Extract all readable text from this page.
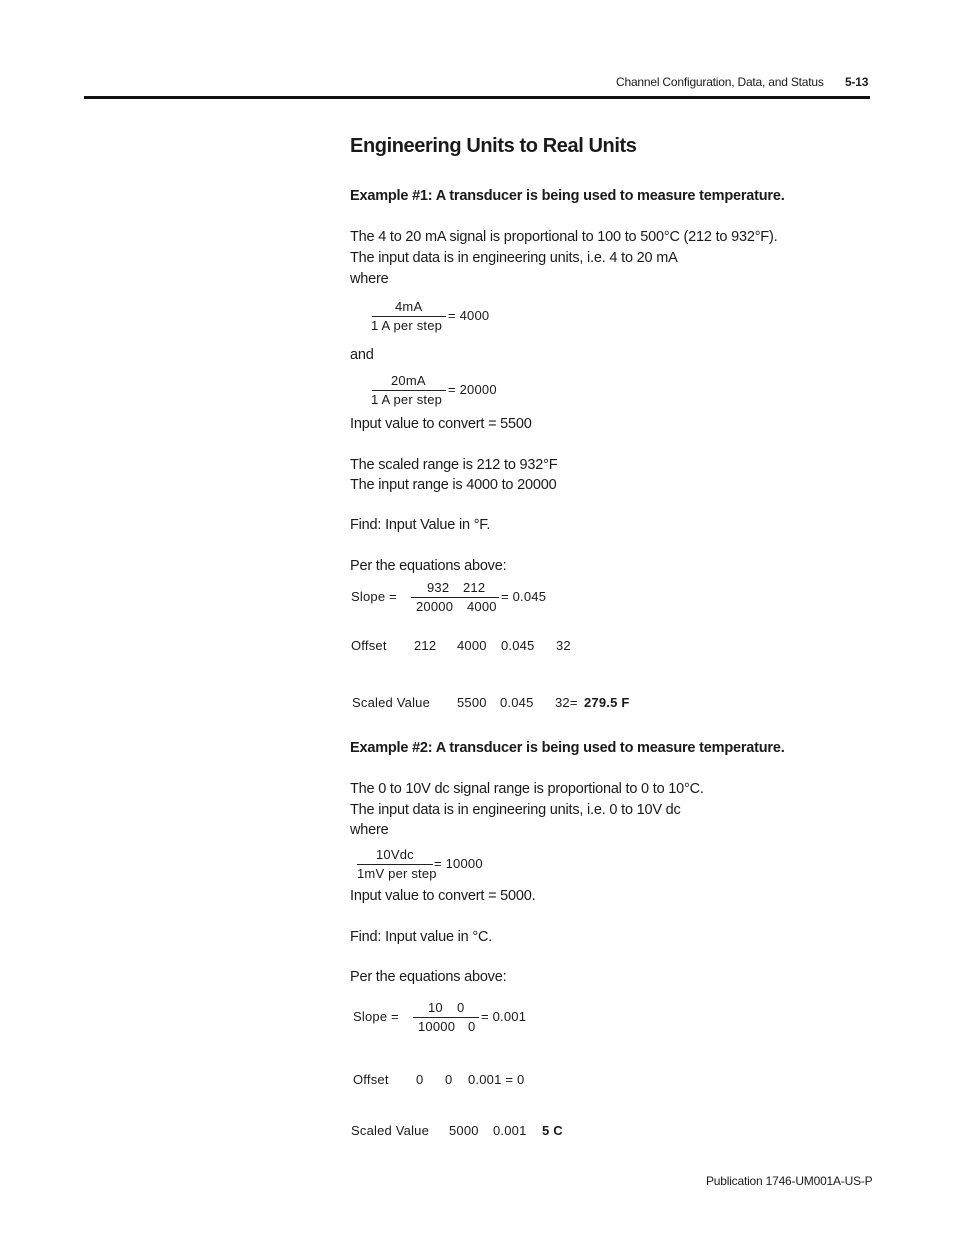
Channel Configuration, Data, and Status 5-13
Engineering Units to Real Units
Example #1: A transducer is being used to measure temperature.
The 4 to 20 mA signal is proportional to 100 to 500°C (212 to 932°F).
The input data is in engineering units, i.e. 4 to 20 mA
where
4mA
1 A per step
= 4000
and
20mA
1 A per step
= 20000
Input value to convert = 5500
The scaled range is 212 to 932°F
The input range is 4000 to 20000
Find: Input Value in °F.
Per the equations above:
Slope =
932 212
20000 4000
= 0.045
Offset 212 4000 0.045 32
Scaled Value 5500 0.045 32= 279.5 F
Example #2: A transducer is being used to measure temperature.
The 0 to 10V dc signal range is proportional to 0 to 10°C.
The input data is in engineering units, i.e. 0 to 10V dc
where
10Vdc
1mV per step
= 10000
Input value to convert = 5000.
Find: Input value in °C.
Per the equations above:
Slope =
10 0
10000 0
= 0.001
Offset 0 0 0.001 = 0
Scaled Value 5000 0.001 5 C
Publication 1746-UM001A-US-P
